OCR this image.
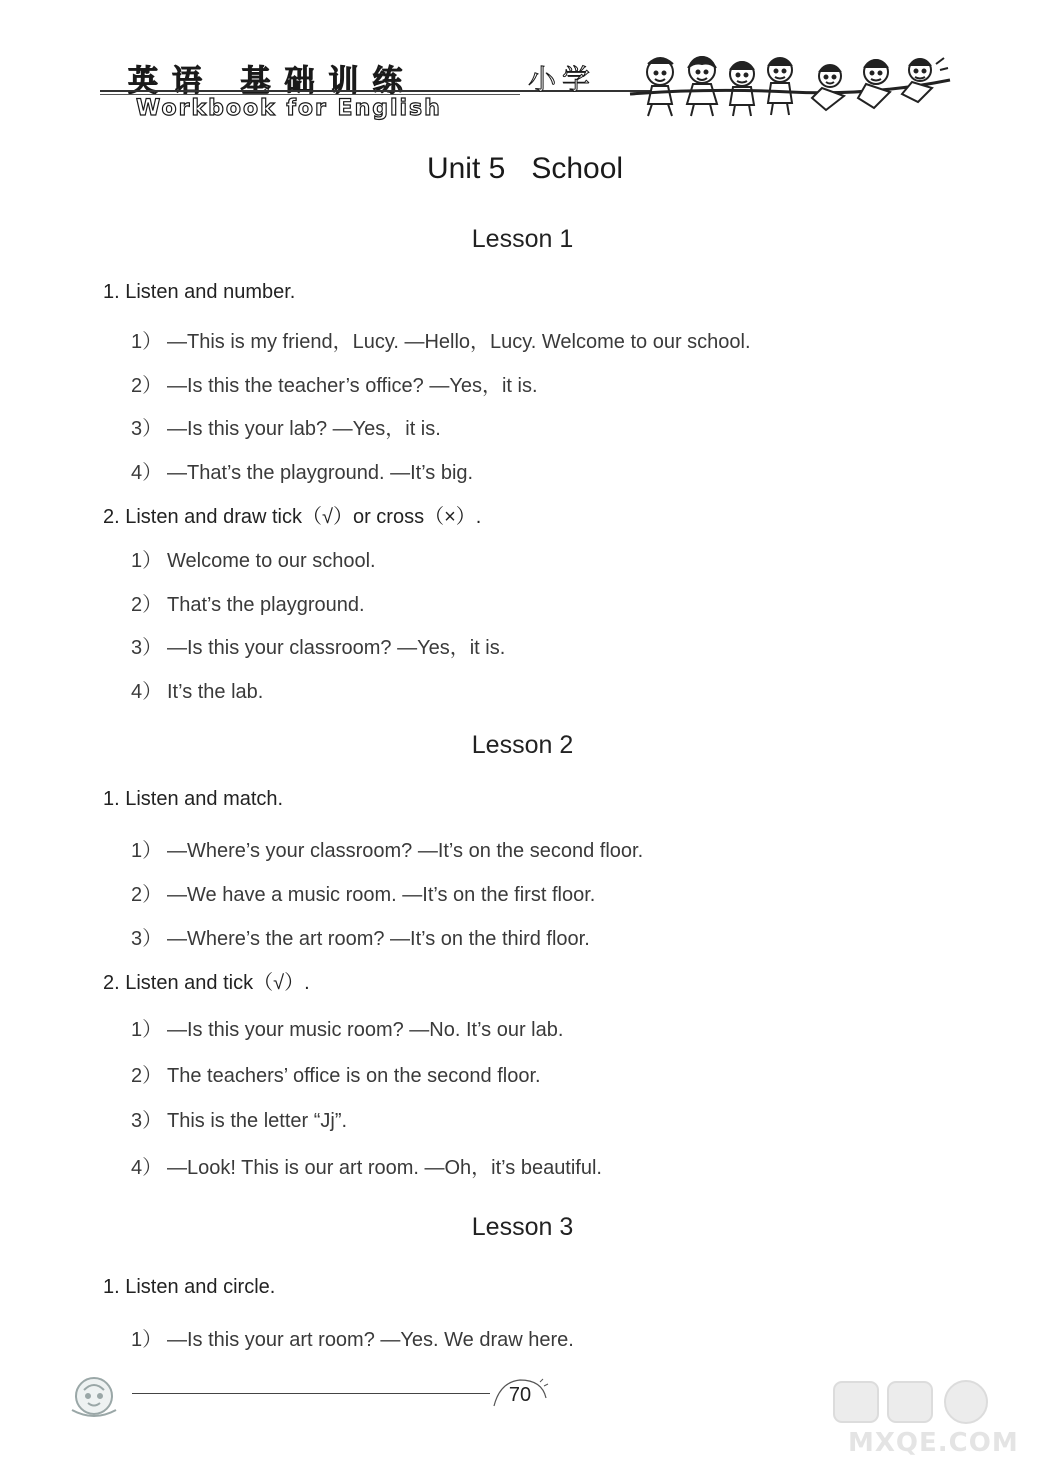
英语 基础训练
Workbook for English
小学
Unit 5 School
Lesson 1
1. Listen and number.
1） —This is my friend，Lucy. —Hello，Lucy. Welcome to our school.
2） —Is this the teacher’s office? —Yes，it is.
3） —Is this your lab? —Yes，it is.
4） —That’s the playground. —It’s big.
2. Listen and draw tick（√）or cross（×）.
1） Welcome to our school.
2） That’s the playground.
3） —Is this your classroom? —Yes，it is.
4） It’s the lab.
Lesson 2
1. Listen and match.
1） —Where’s your classroom? —It’s on the second floor.
2） —We have a music room. —It’s on the first floor.
3） —Where’s the art room? —It’s on the third floor.
2. Listen and tick（√）.
1） —Is this your music room? —No. It’s our lab.
2） The teachers’ office is on the second floor.
3） This is the letter “Jj”.
4） —Look! This is our art room. —Oh，it’s beautiful.
Lesson 3
1. Listen and circle.
1） —Is this your art room? —Yes. We draw here.
70
MXQE.COM
